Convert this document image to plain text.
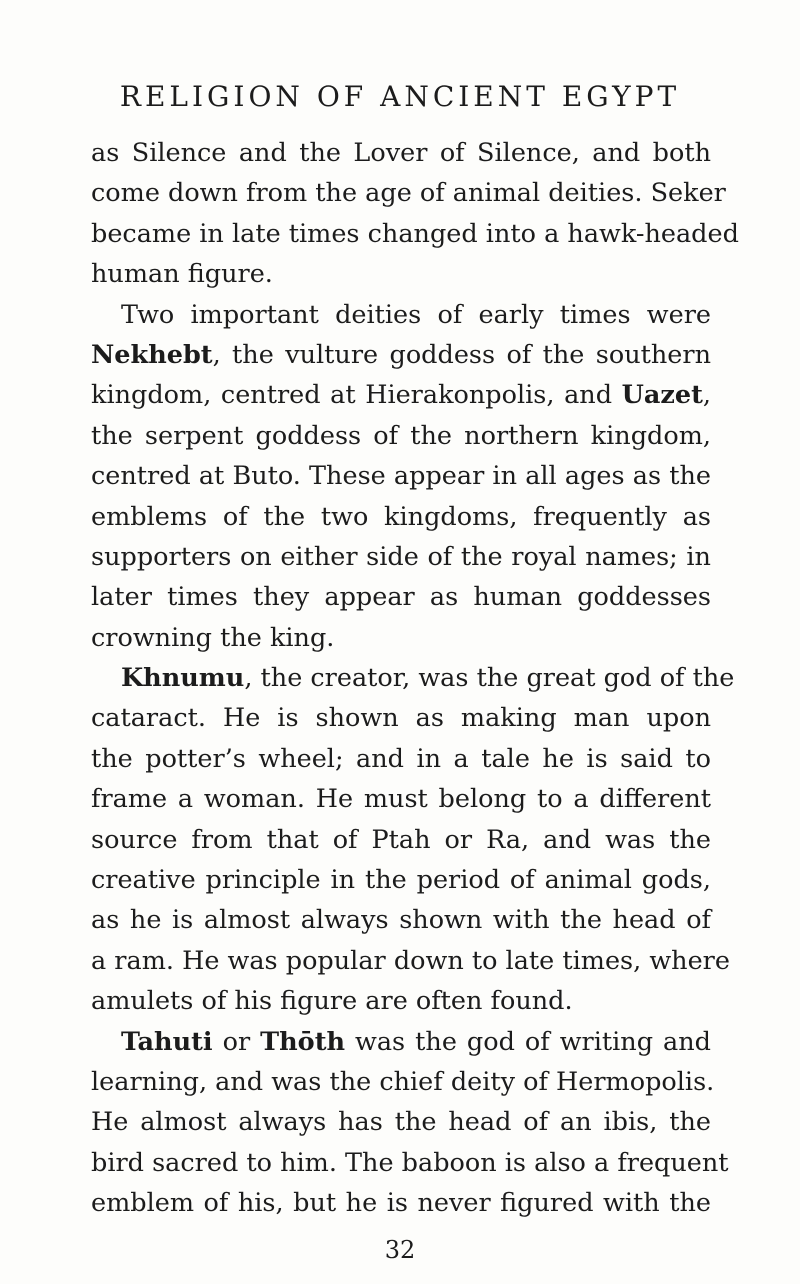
RELIGION OF ANCIENT EGYPT
as Silence and the Lover of Silence, and both
come down from the age of animal deities. Seker
became in late times changed into a hawk-headed
human figure.
Two important deities of early times were
Nekhebt, the vulture goddess of the southern
kingdom, centred at Hierakonpolis, and Uazet,
the serpent goddess of the northern kingdom,
centred at Buto. These appear in all ages as the
emblems of the two kingdoms, frequently as
supporters on either side of the royal names; in
later times they appear as human goddesses
crowning the king.
Khnumu, the creator, was the great god of the
cataract. He is shown as making man upon
the potter’s wheel; and in a tale he is said to
frame a woman. He must belong to a different
source from that of Ptah or Ra, and was the
creative principle in the period of animal gods,
as he is almost always shown with the head of
a ram. He was popular down to late times, where
amulets of his figure are often found.
Tahuti or Thōth was the god of writing and
learning, and was the chief deity of Hermopolis.
He almost always has the head of an ibis, the
bird sacred to him. The baboon is also a frequent
emblem of his, but he is never figured with the
32
